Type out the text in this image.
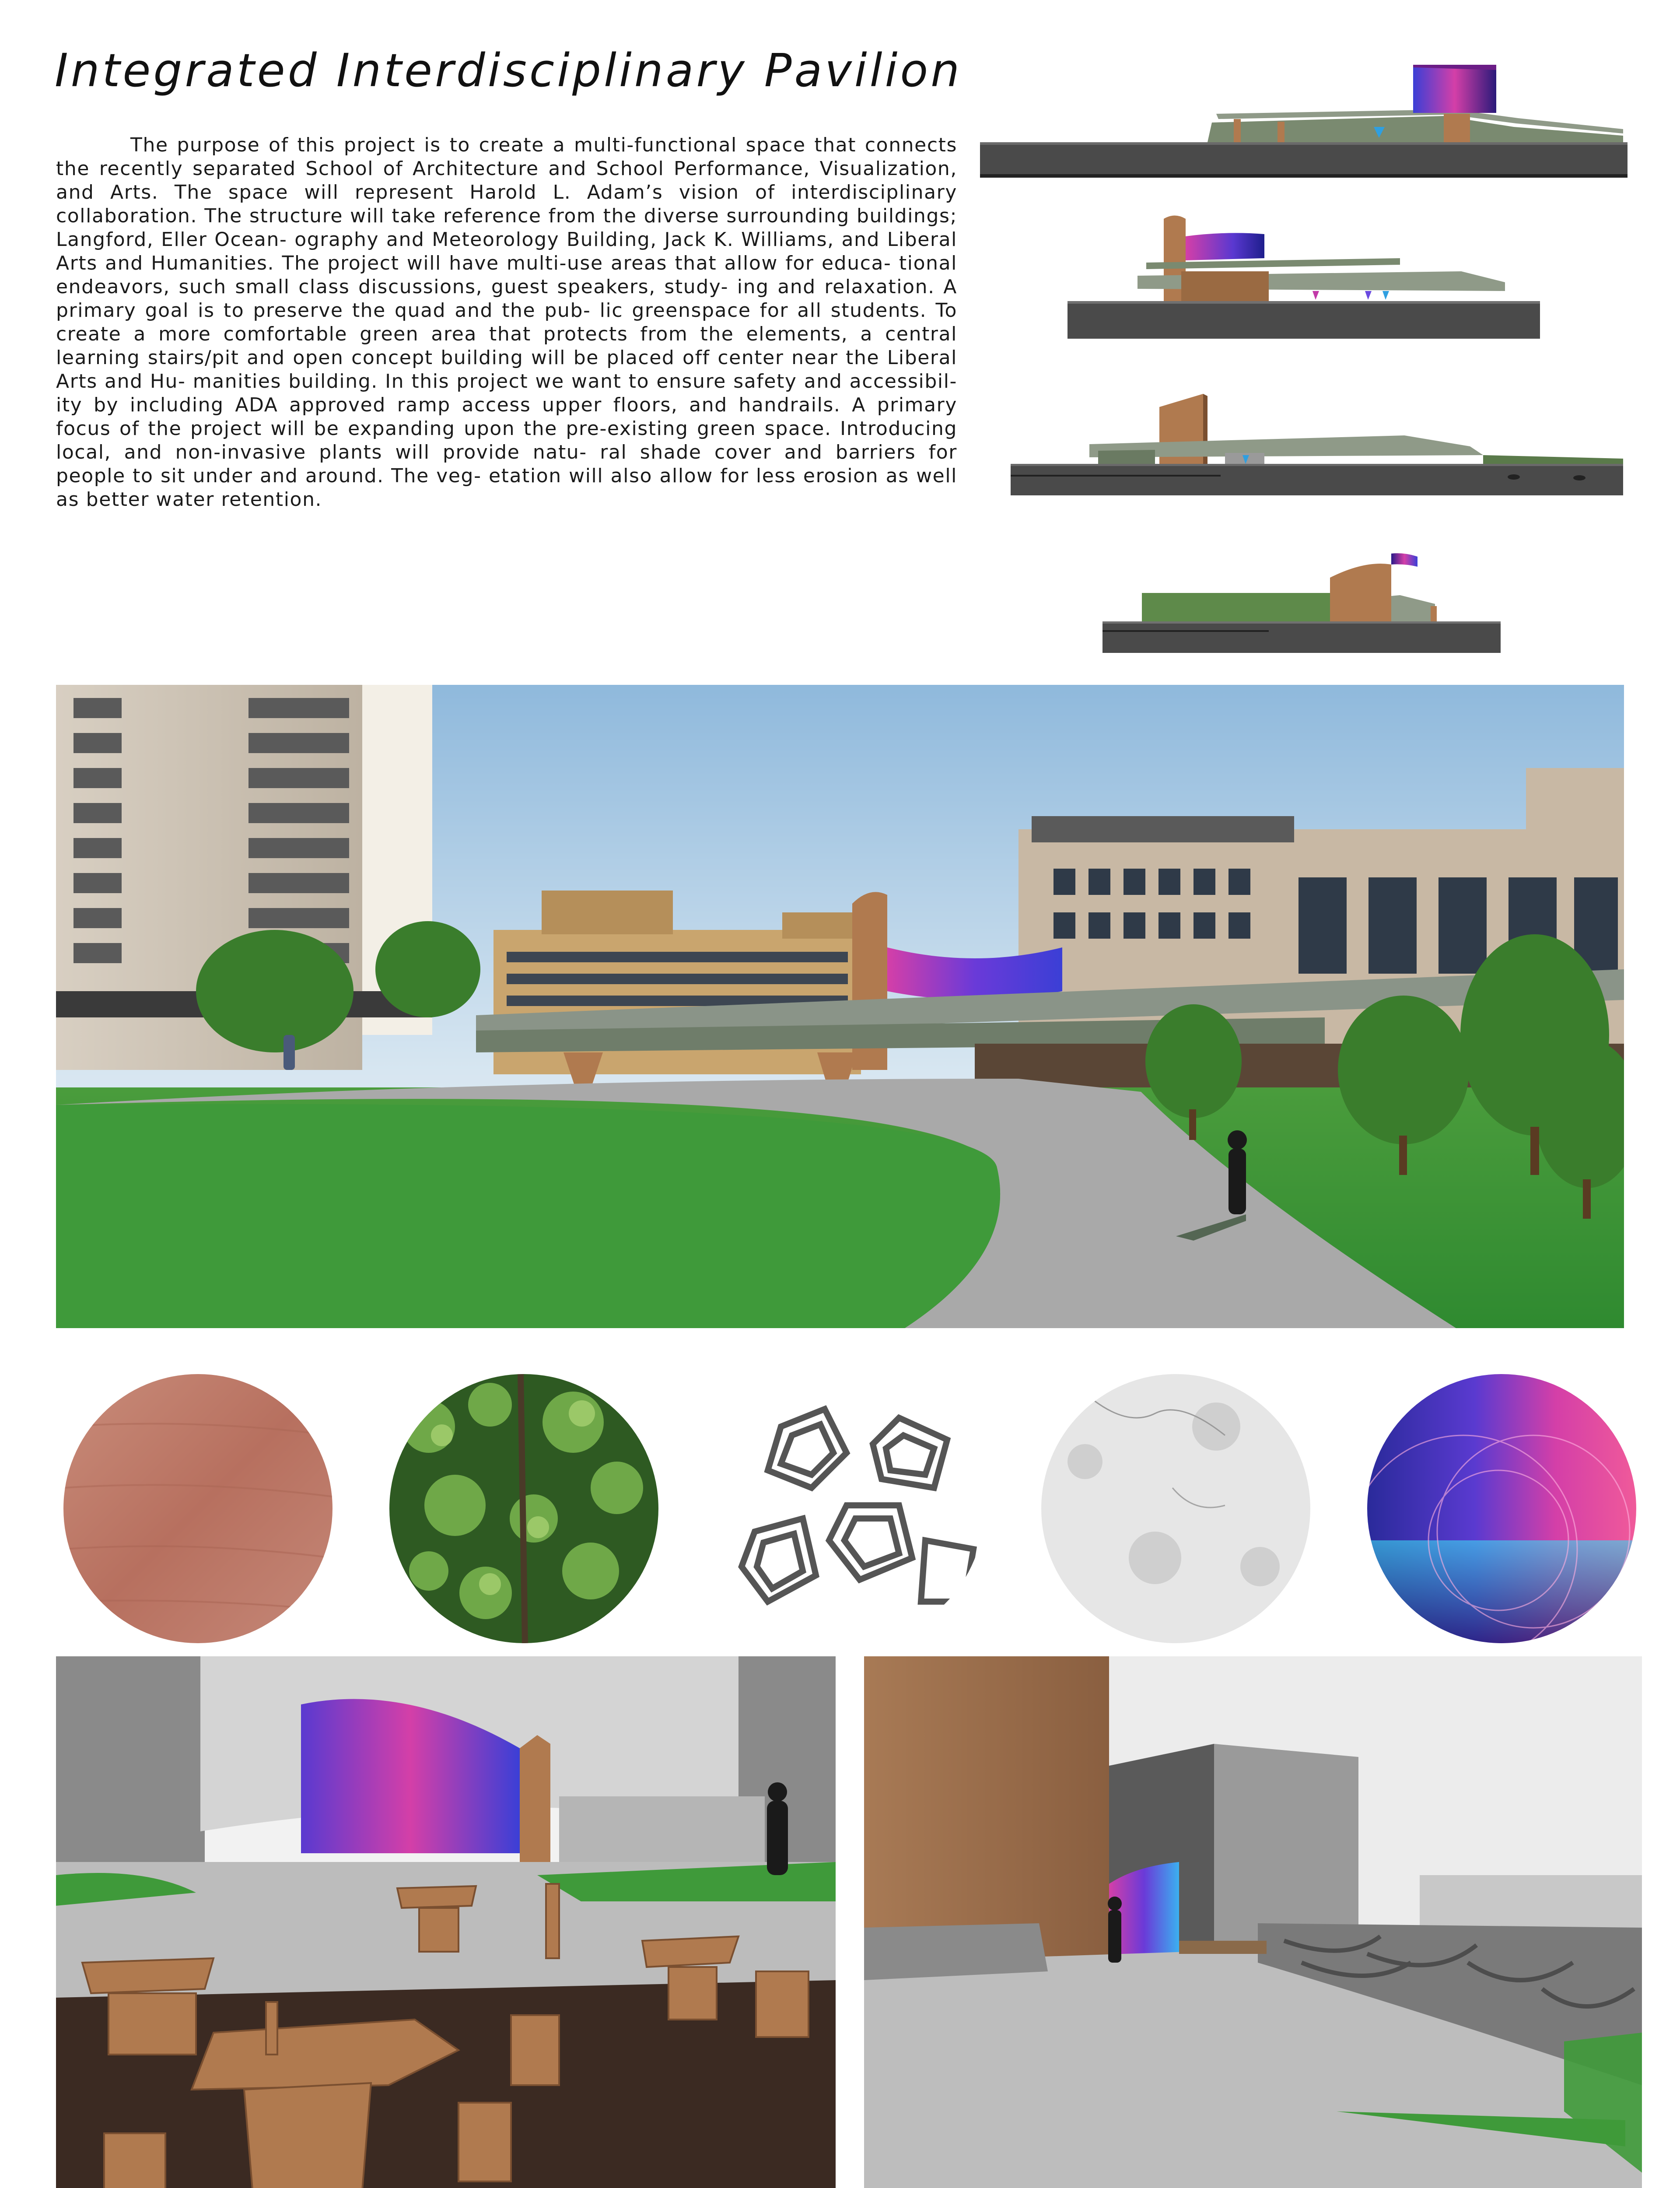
Integrated Interdisciplinary Pavilion
The purpose of this project is to create a multi-functional space that connects the recently separated School of Architecture and School Performance, Visualization, and Arts. The space will represent Harold L. Adam’s vision of interdisciplinary collaboration. The structure will take reference from the diverse surrounding buildings; Langford, Eller Ocean- ography and Meteorology Building, Jack K. Williams, and Liberal Arts and Humanities. The project will have multi-use areas that allow for educa- tional endeavors, such small class discussions, guest speakers, study- ing and relaxation. A primary goal is to preserve the quad and the pub- lic greenspace for all students. To create a more comfortable green area that protects from the elements, a central learning stairs/pit and open concept building will be placed off center near the Liberal Arts and Hu- manities building. In this project we want to ensure safety and accessibil- ity by including ADA approved ramp access upper floors, and handrails. A primary focus of the project will be expanding upon the pre-existing green space. Introducing local, and non-invasive plants will provide natu- ral shade cover and barriers for people to sit under and around. The veg- etation will also allow for less erosion as well as better water retention.
